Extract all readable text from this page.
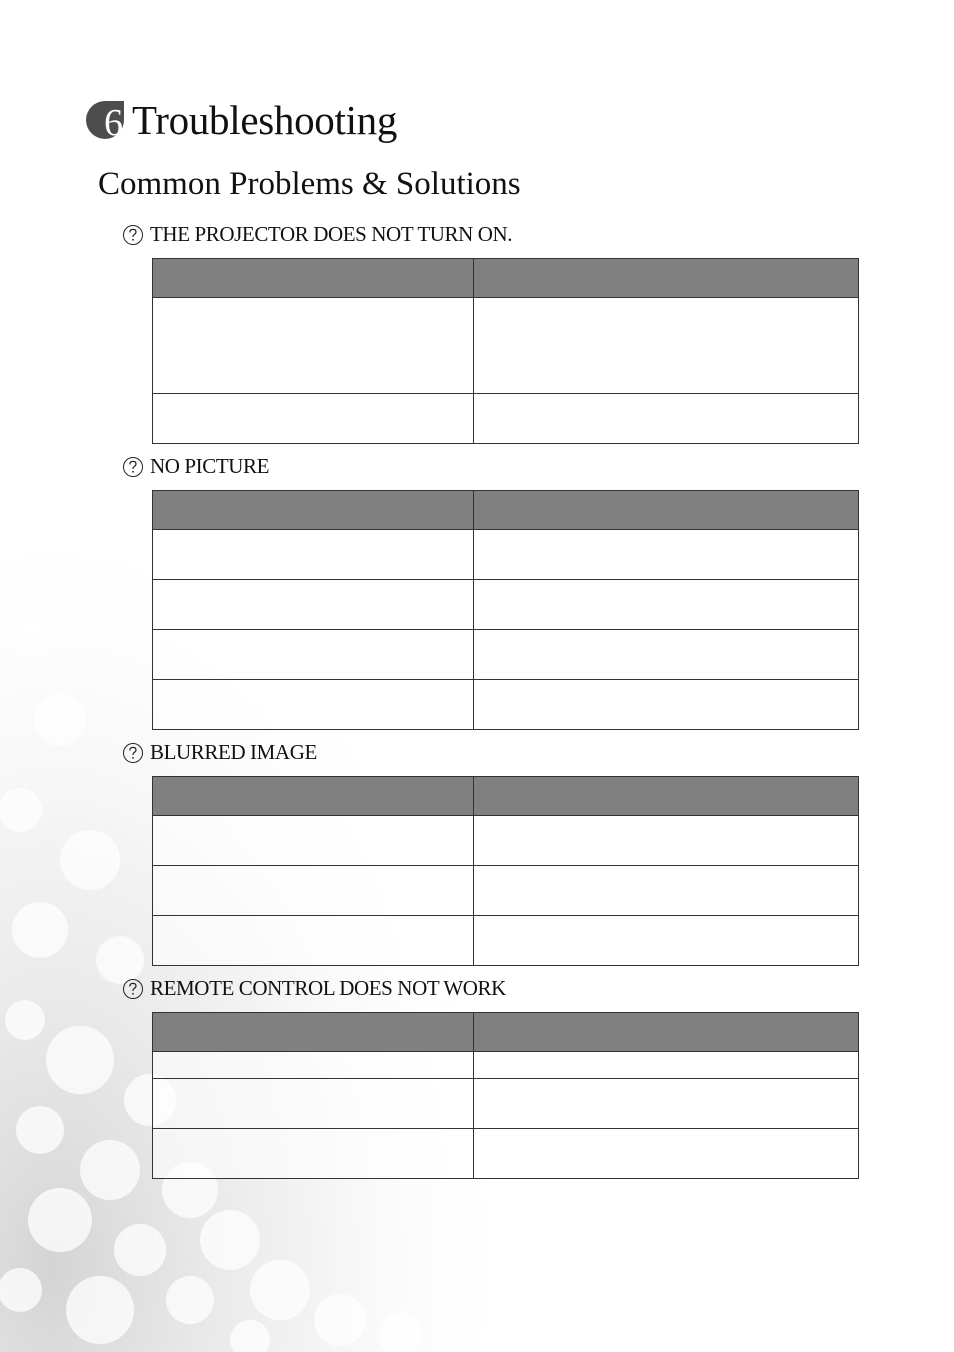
6 Troubleshooting
Common Problems & Solutions
THE PROJECTOR DOES NOT TURN ON.

NO PICTURE

BLURRED IMAGE

REMOTE CONTROL DOES NOT WORK
